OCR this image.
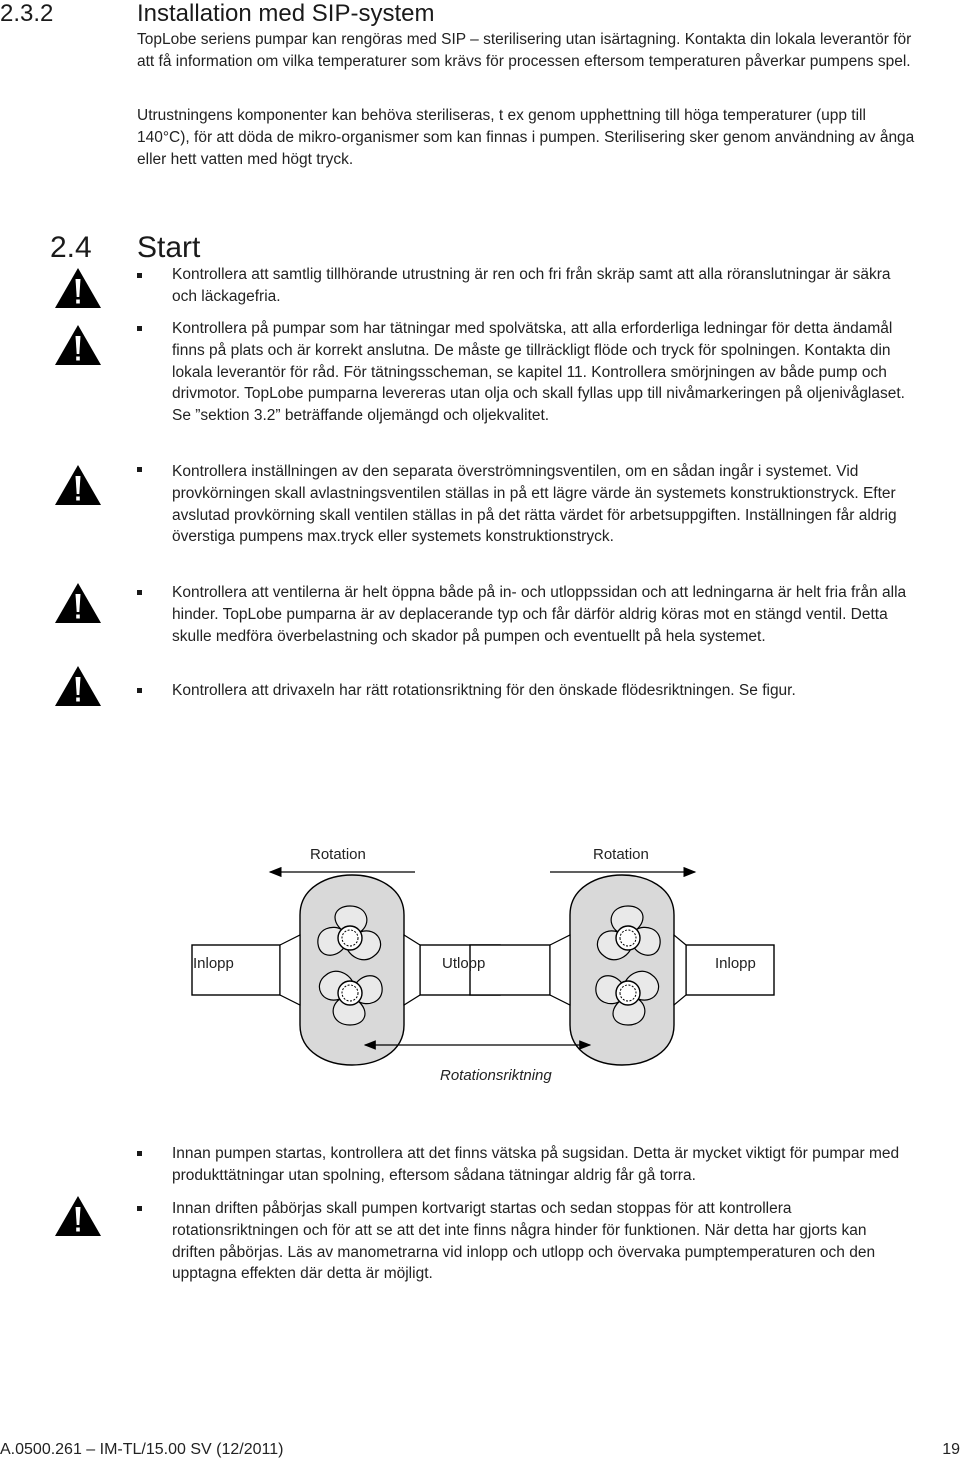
2.3.2	Installation med SIP-system
TopLobe seriens pumpar kan rengöras med SIP – sterilisering utan isärtagning. Kontakta din lokala leverantör för att få information om vilka temperaturer som krävs för processen eftersom temperaturen påverkar pumpens spel.
Utrustningens komponenter kan behöva steriliseras, t ex genom upphettning till höga temperaturer (upp till 140°C), för att döda de mikro-organismer som kan finnas i pumpen. Sterilisering sker genom användning av ånga eller hett vatten med högt tryck.
2.4 Start
Kontrollera att samtlig tillhörande utrustning är ren och fri från skräp samt att alla röranslutningar är säkra och läckagefria.
Kontrollera på pumpar som har tätningar med spolvätska, att alla erforderliga ledningar för detta ändamål finns på plats och är korrekt anslutna. De måste ge tillräckligt flöde och tryck för spolningen. Kontakta din lokala leverantör för råd. För tätningsscheman, se kapitel 11. Kontrollera smörjningen av både pump och drivmotor. TopLobe pumparna levereras utan olja och skall fyllas upp till nivåmarkeringen på oljenivåglaset. Se ”sektion 3.2” beträffande oljemängd och oljekvalitet.
Kontrollera inställningen av den separata överströmningsventilen, om en sådan ingår i systemet. Vid provkörningen skall avlastningsventilen ställas in på ett lägre värde än systemets konstruktionstryck. Efter avslutad provkörning skall ventilen ställas in på det rätta värdet för arbetsuppgiften. Inställningen får aldrig överstiga pumpens max.tryck eller systemets konstruktionstryck.
Kontrollera att ventilerna är helt öppna både på in- och utloppssidan och att ledningarna är helt fria från alla hinder. TopLobe pumparna är av deplacerande typ och får därför aldrig köras mot en stängd ventil. Detta skulle medföra överbelastning och skador på pumpen och eventuellt på hela systemet.
Kontrollera att drivaxeln har rätt rotationsriktning för den önskade flödesriktningen. Se figur.
Rotation	Rotation
Inlopp	Utlopp	Inlopp
Rotationsriktning
Innan pumpen startas, kontrollera att det finns vätska på sugsidan. Detta är mycket viktigt för pumpar med produkttätningar utan spolning, eftersom sådana tätningar aldrig får gå torra.
Innan driften påbörjas skall pumpen kortvarigt startas och sedan stoppas för att kontrollera rotationsriktningen och för att se att det inte finns några hinder för funktionen. När detta har gjorts kan driften påbörjas. Läs av manometrarna vid inlopp och utlopp och övervaka pumptemperaturen och den upptagna effekten där detta är möjligt.
A.0500.261 – IM-TL/15.00 SV (12/2011)	19
